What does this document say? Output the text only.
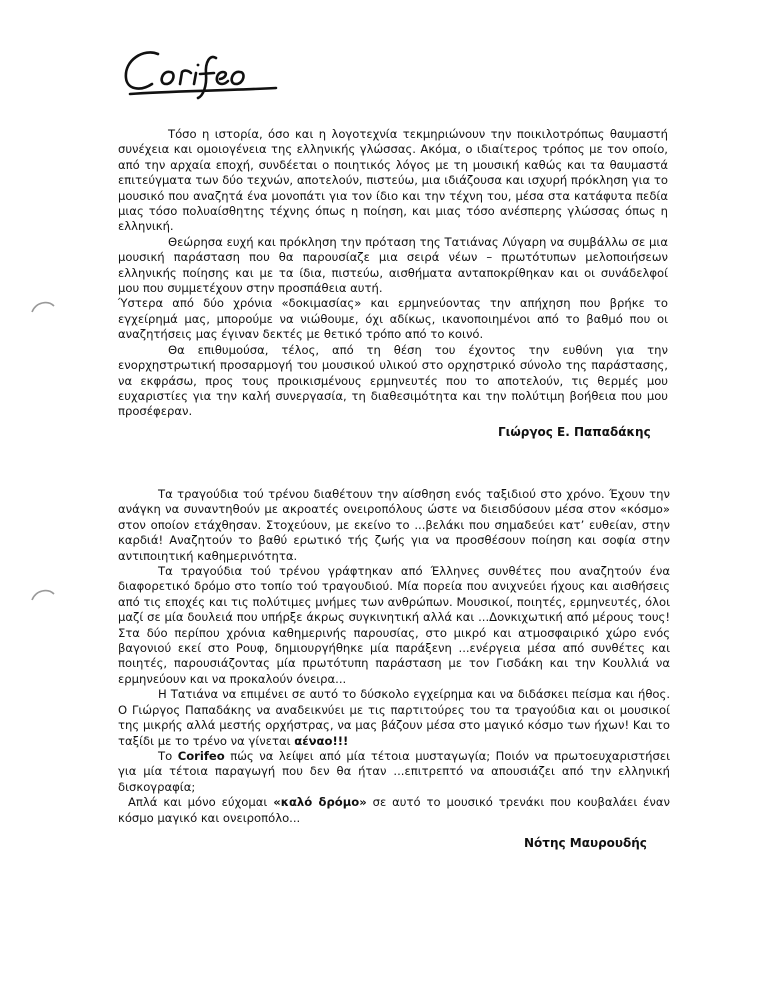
Τόσο η ιστορία, όσο και η λογοτεχνία τεκμηριώνουν την ποικιλοτρόπως θαυμαστή συνέχεια και ομοιογένεια της ελληνικής γλώσσας. Ακόμα, ο ιδιαίτερος τρόπος με τον οποίο, από την αρχαία εποχή, συνδέεται ο ποιητικός λόγος με τη μουσική καθώς και τα θαυμαστά επιτεύγματα των δύο τεχνών, αποτελούν, πιστεύω, μια ιδιάζουσα και ισχυρή πρόκληση για το μουσικό που αναζητά ένα μονοπάτι για τον ίδιο και την τέχνη του, μέσα στα κατάφυτα πεδία μιας τόσο πολυαίσθητης τέχνης όπως η ποίηση, και μιας τόσο ανέσπερης γλώσσας όπως η ελληνική.

Θεώρησα ευχή και πρόκληση την πρόταση της Τατιάνας Λύγαρη να συμβάλλω σε μια μουσική παράσταση που θα παρουσίαζε μια σειρά νέων – πρωτότυπων μελοποιήσεων ελληνικής ποίησης και με τα ίδια, πιστεύω, αισθήματα ανταποκρίθηκαν και οι συνάδελφοί μου που συμμετέχουν στην προσπάθεια αυτή.

Ύστερα από δύο χρόνια «δοκιμασίας» και ερμηνεύοντας την απήχηση που βρήκε το εγχείρημά μας, μπορούμε να νιώθουμε, όχι αδίκως, ικανοποιημένοι από το βαθμό που οι αναζητήσεις μας έγιναν δεκτές με θετικό τρόπο από το κοινό.

Θα επιθυμούσα, τέλος, από τη θέση του έχοντος την ευθύνη για την ενορχηστρωτική προσαρμογή του μουσικού υλικού στο ορχηστρικό σύνολο της παράστασης, να εκφράσω, προς τους προικισμένους ερμηνευτές που το αποτελούν, τις θερμές μου ευχαριστίες για την καλή συνεργασία, τη διαθεσιμότητα και την πολύτιμη βοήθεια που μου προσέφεραν.

Γιώργος Ε. Παπαδάκης

Τα τραγούδια τού τρένου διαθέτουν την αίσθηση ενός ταξιδιού στο χρόνο. Έχουν την ανάγκη να συναντηθούν με ακροατές ονειροπόλους ώστε να διεισδύσουν μέσα στον «κόσμο» στον οποίον ετάχθησαν. Στοχεύουν, με εκείνο το ...βελάκι που σημαδεύει κατ’ ευθείαν, στην καρδιά! Αναζητούν το βαθύ ερωτικό τής ζωής για να προσθέσουν ποίηση και σοφία στην αντιποιητική καθημερινότητα.

Τα τραγούδια τού τρένου γράφτηκαν από Έλληνες συνθέτες που αναζητούν ένα διαφορετικό δρόμο στο τοπίο τού τραγουδιού. Μία πορεία που ανιχνεύει ήχους και αισθήσεις από τις εποχές και τις πολύτιμες μνήμες των ανθρώπων. Μουσικοί, ποιητές, ερμηνευτές, όλοι μαζί σε μία δουλειά που υπήρξε άκρως συγκινητική αλλά και ...Δονκιχωτική από μέρους τους! Στα δύο περίπου χρόνια καθημερινής παρουσίας, στο μικρό και ατμοσφαιρικό χώρο ενός βαγονιού εκεί στο Ρουφ, δημιουργήθηκε μία παράξενη ...ενέργεια μέσα από συνθέτες και ποιητές, παρουσιάζοντας μία πρωτότυπη παράσταση με τον Γισδάκη και την Κουλλιά να ερμηνεύουν και να προκαλούν όνειρα...

Η Τατιάνα να επιμένει σε αυτό το δύσκολο εγχείρημα και να διδάσκει πείσμα και ήθος. Ο Γιώργος Παπαδάκης να αναδεικνύει με τις παρτιτούρες του τα τραγούδια και οι μουσικοί της μικρής αλλά μεστής ορχήστρας, να μας βάζουν μέσα στο μαγικό κόσμο των ήχων! Και το ταξίδι με το τρένο να γίνεται αέναο!!!

Το Corifeo πώς να λείψει από μία τέτοια μυσταγωγία; Ποιόν να πρωτοευχαριστήσει για μία τέτοια παραγωγή που δεν θα ήταν ...επιτρεπτό να απουσιάζει από την ελληνική δισκογραφία;

Απλά και μόνο εύχομαι «καλό δρόμο» σε αυτό το μουσικό τρενάκι που κουβαλάει έναν κόσμο μαγικό και ονειροπόλο...

Νότης Μαυρουδής
